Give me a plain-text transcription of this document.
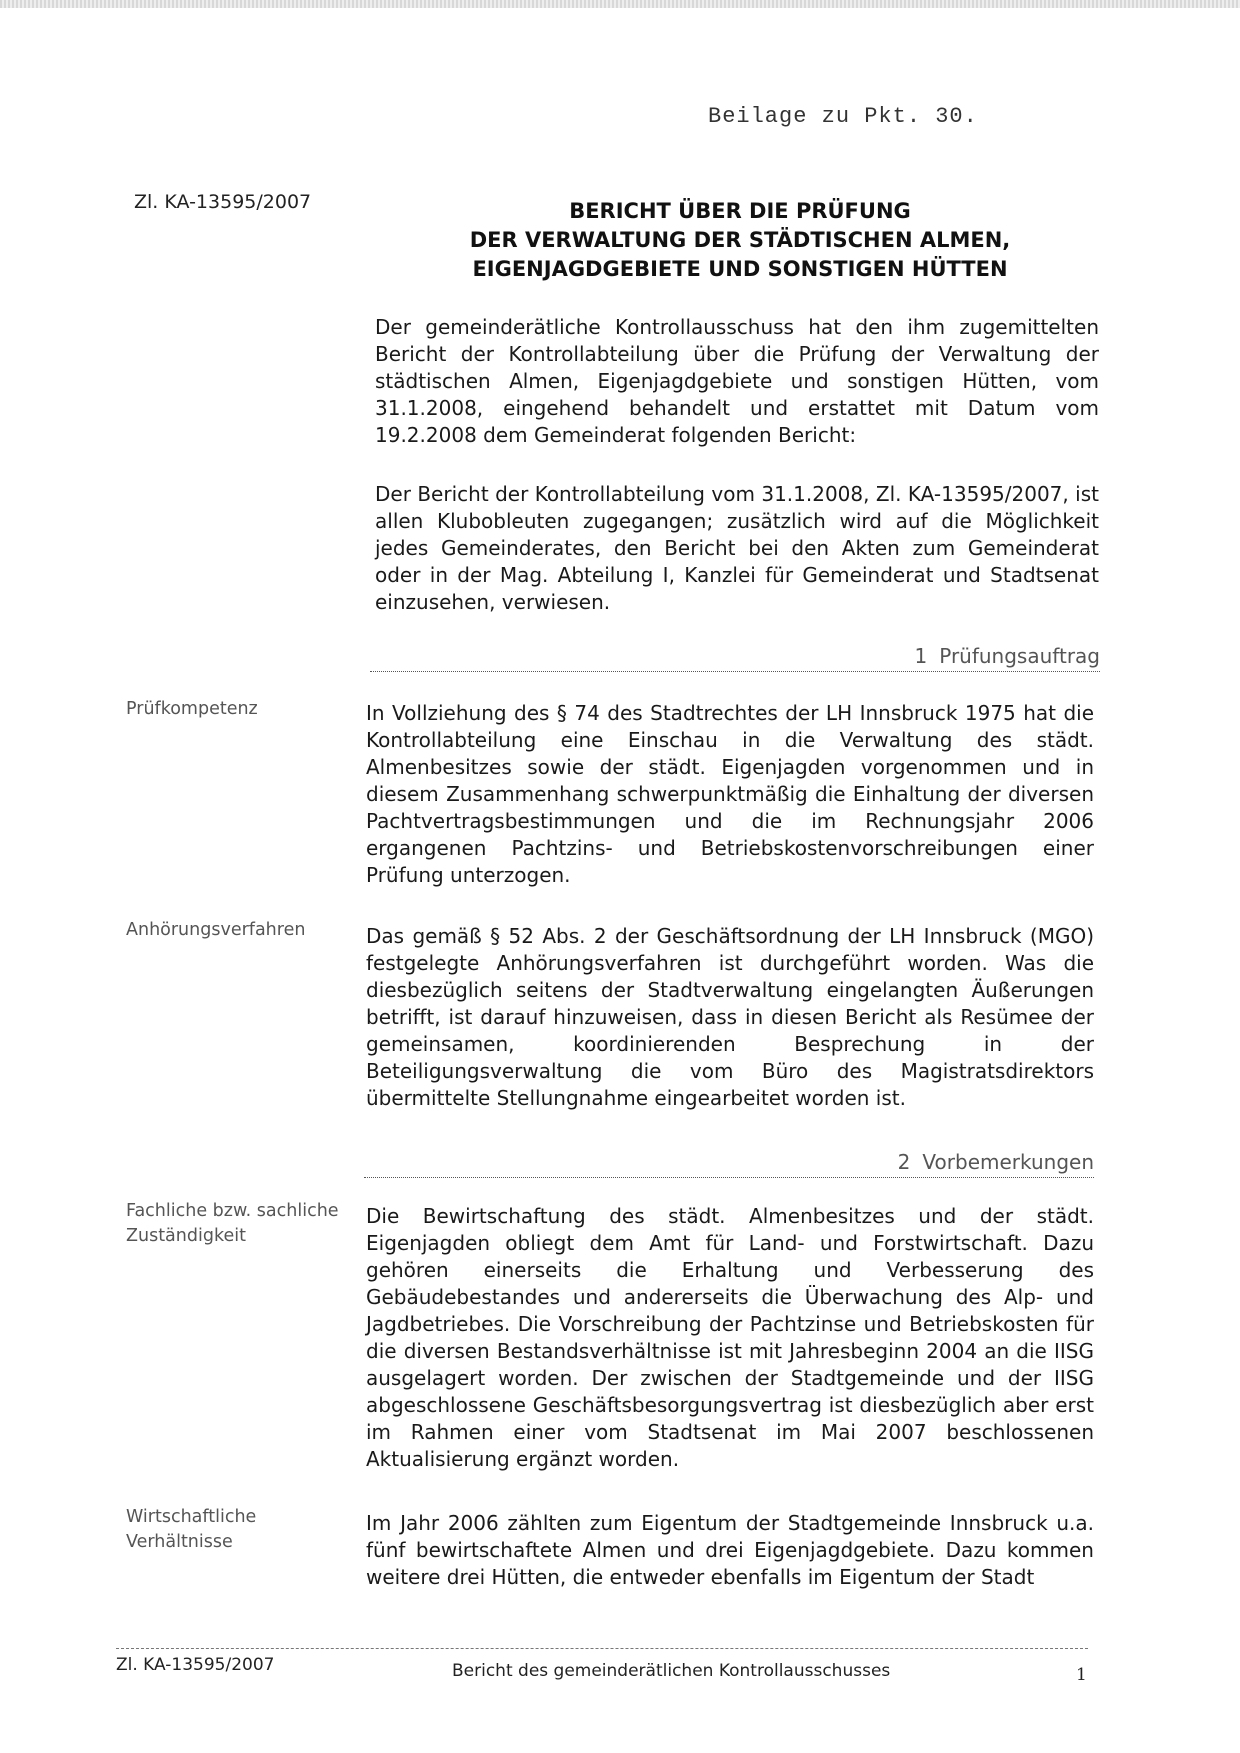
Beilage zu Pkt. 30.
Zl. KA-13595/2007	BERICHT ÜBER DIE PRÜFUNG
DER VERWALTUNG DER STÄDTISCHEN ALMEN,
EIGENJAGDGEBIETE UND SONSTIGEN HÜTTEN
Der gemeinderätliche Kontrollausschuss hat den ihm zugemittelten Bericht der Kontrollabteilung über die Prüfung der Verwaltung der städtischen Almen, Eigenjagdgebiete und sonstigen Hütten, vom 31.1.2008, eingehend behandelt und erstattet mit Datum vom 19.2.2008 dem Gemeinderat folgenden Bericht:
Der Bericht der Kontrollabteilung vom 31.1.2008, Zl. KA-13595/2007, ist allen Klubobleuten zugegangen; zusätzlich wird auf die Möglichkeit jedes Gemeinderates, den Bericht bei den Akten zum Gemeinderat oder in der Mag. Abteilung I, Kanzlei für Gemeinderat und Stadtsenat einzusehen, verwiesen.
1 Prüfungsauftrag
Prüfkompetenz	In Vollziehung des § 74 des Stadtrechtes der LH Innsbruck 1975 hat die Kontrollabteilung eine Einschau in die Verwaltung des städt. Almenbesitzes sowie der städt. Eigenjagden vorgenommen und in diesem Zusammenhang schwerpunktmäßig die Einhaltung der diversen Pachtvertragsbestimmungen und die im Rechnungsjahr 2006 ergangenen Pachtzins- und Betriebskostenvorschreibungen einer Prüfung unterzogen.
Anhörungsverfahren	Das gemäß § 52 Abs. 2 der Geschäftsordnung der LH Innsbruck (MGO) festgelegte Anhörungsverfahren ist durchgeführt worden. Was die diesbezüglich seitens der Stadtverwaltung eingelangten Äußerungen betrifft, ist darauf hinzuweisen, dass in diesen Bericht als Resümee der gemeinsamen, koordinierenden Besprechung in der Beteiligungsverwaltung die vom Büro des Magistratsdirektors übermittelte Stellungnahme eingearbeitet worden ist.
2 Vorbemerkungen
Fachliche bzw. sachliche Zuständigkeit
Die Bewirtschaftung des städt. Almenbesitzes und der städt. Eigenjagden obliegt dem Amt für Land- und Forstwirtschaft. Dazu gehören einerseits die Erhaltung und Verbesserung des Gebäudebestandes und andererseits die Überwachung des Alp- und Jagdbetriebes. Die Vorschreibung der Pachtzinse und Betriebskosten für die diversen Bestandsverhältnisse ist mit Jahresbeginn 2004 an die IISG ausgelagert worden. Der zwischen der Stadtgemeinde und der IISG abgeschlossene Geschäftsbesorgungsvertrag ist diesbezüglich aber erst im Rahmen einer vom Stadtsenat im Mai 2007 beschlossenen Aktualisierung ergänzt worden.
Wirtschaftliche Verhältnisse
Im Jahr 2006 zählten zum Eigentum der Stadtgemeinde Innsbruck u.a. fünf bewirtschaftete Almen und drei Eigenjagdgebiete. Dazu kommen weitere drei Hütten, die entweder ebenfalls im Eigentum der Stadt
Zl. KA-13595/2007	Bericht des gemeinderätlichen Kontrollausschusses	1
